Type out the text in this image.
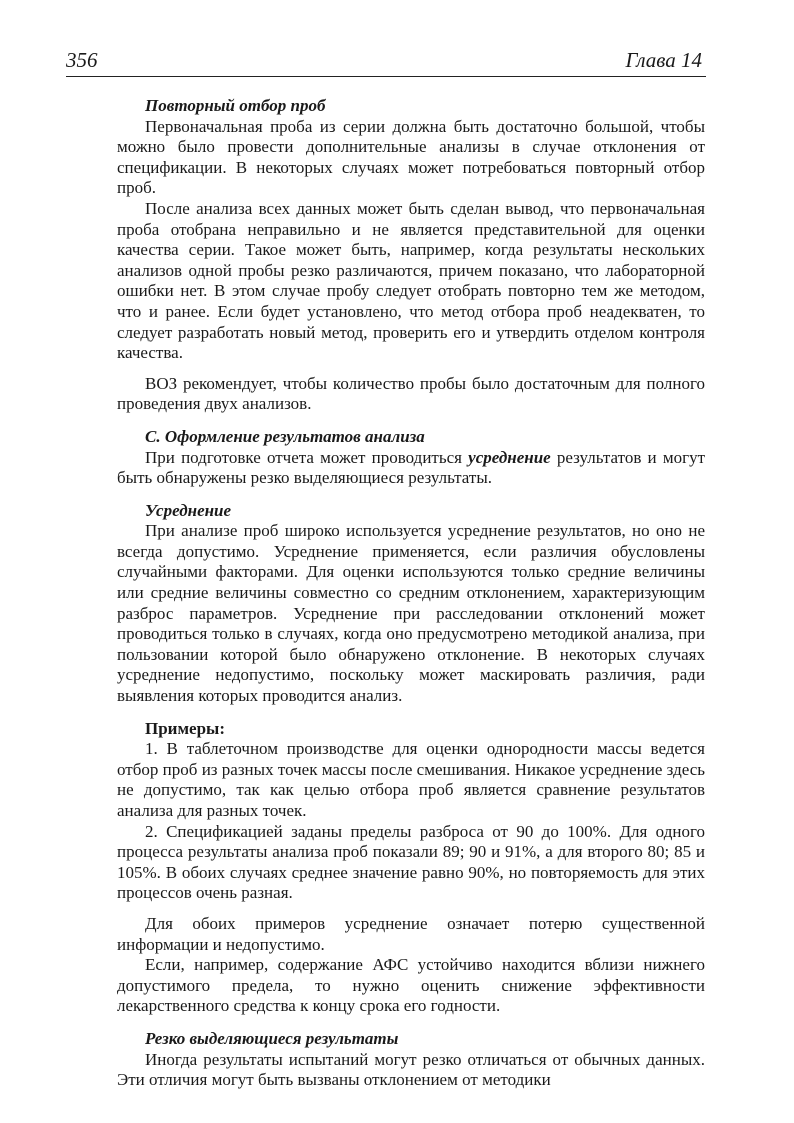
356	Глава 14
Повторный отбор проб

Первоначальная проба из серии должна быть достаточно большой, чтобы можно было провести дополнительные анализы в случае отклонения от спецификации. В некоторых случаях может потребоваться повторный отбор проб.

После анализа всех данных может быть сделан вывод, что первоначальная проба отобрана неправильно и не является представительной для оценки качества серии. Такое может быть, например, когда результаты нескольких анализов одной пробы резко различаются, причем показано, что лабораторной ошибки нет. В этом случае пробу следует отобрать повторно тем же методом, что и ранее. Если будет установлено, что метод отбора проб неадекватен, то следует разработать новый метод, проверить его и утвердить отделом контроля качества.

ВОЗ рекомендует, чтобы количество пробы было достаточным для полного проведения двух анализов.

С. Оформление результатов анализа

При подготовке отчета может проводиться усреднение результатов и могут быть обнаружены резко выделяющиеся результаты.

Усреднение

При анализе проб широко используется усреднение результатов, но оно не всегда допустимо. Усреднение применяется, если различия обусловлены случайными факторами. Для оценки используются только средние величины или средние величины совместно со средним отклонением, характеризующим разброс параметров. Усреднение при расследовании отклонений может проводиться только в случаях, когда оно предусмотрено методикой анализа, при пользовании которой было обнаружено отклонение. В некоторых случаях усреднение недопустимо, поскольку может маскировать различия, ради выявления которых проводится анализ.

Примеры:

1. В таблеточном производстве для оценки однородности массы ведется отбор проб из разных точек массы после смешивания. Никакое усреднение здесь не допустимо, так как целью отбора проб является сравнение результатов анализа для разных точек.

2. Спецификацией заданы пределы разброса от 90 до 100%. Для одного процесса результаты анализа проб показали 89; 90 и 91%, а для второго 80; 85 и 105%. В обоих случаях среднее значение равно 90%, но повторяемость для этих процессов очень разная.

Для обоих примеров усреднение означает потерю существенной информации и недопустимо.

Если, например, содержание АФС устойчиво находится вблизи нижнего допустимого предела, то нужно оценить снижение эффективности лекарственного средства к концу срока его годности.

Резко выделяющиеся результаты

Иногда результаты испытаний могут резко отличаться от обычных данных. Эти отличия могут быть вызваны отклонением от методики
